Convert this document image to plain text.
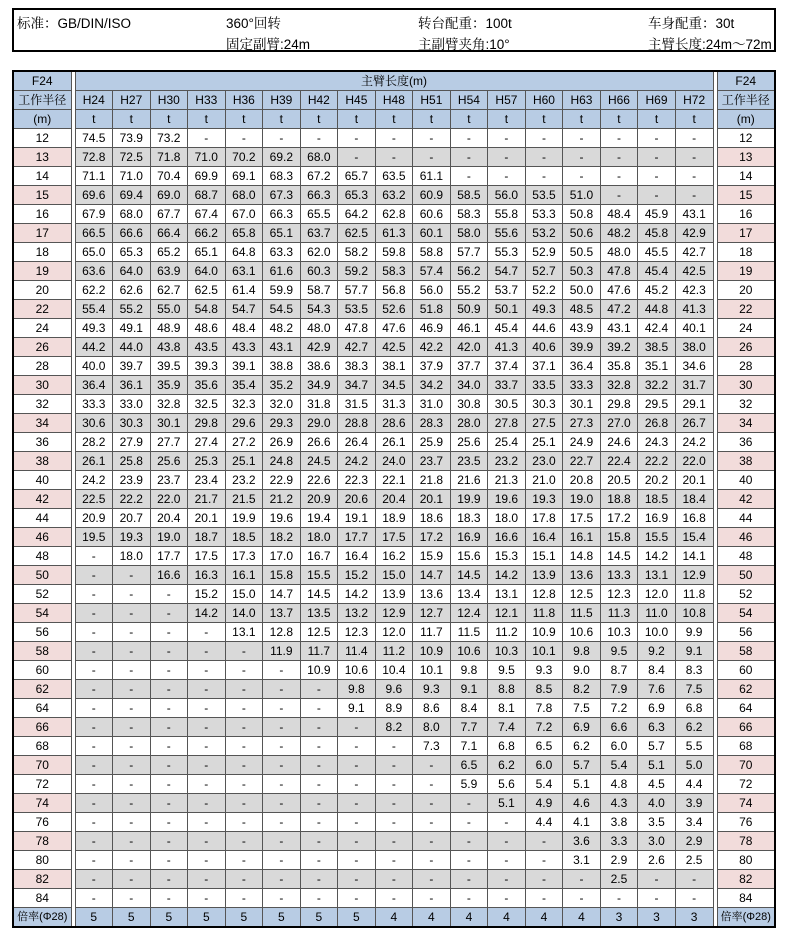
标准：GB/DIN/ISO	360°回转	转台配重：100t	车身配重：30t
固定副臂:24m	主副臂夹角:10°	主臂长度:24m～72m
F24		主臂长度(m)																		F24
工作半径		H24	H27	H30	H33	H36	H39	H42	H45	H48	H51	H54	H57	H60	H63	H66	H69	H72		工作半径
(m)		t	t	t	t	t	t	t	t	t	t	t	t	t	t	t	t	t		(m)
12		74.5	73.9	73.2	-	-	-	-	-	-	-	-	-	-	-	-	-	-		12
13		72.8	72.5	71.8	71.0	70.2	69.2	68.0	-	-	-	-	-	-	-	-	-	-		13
14		71.1	71.0	70.4	69.9	69.1	68.3	67.2	65.7	63.5	61.1	-	-	-	-	-	-	-		14
15		69.6	69.4	69.0	68.7	68.0	67.3	66.3	65.3	63.2	60.9	58.5	56.0	53.5	51.0	-	-	-		15
16		67.9	68.0	67.7	67.4	67.0	66.3	65.5	64.2	62.8	60.6	58.3	55.8	53.3	50.8	48.4	45.9	43.1		16
17		66.5	66.6	66.4	66.2	65.8	65.1	63.7	62.5	61.3	60.1	58.0	55.6	53.2	50.6	48.2	45.8	42.9		17
18		65.0	65.3	65.2	65.1	64.8	63.3	62.0	58.2	59.8	58.8	57.7	55.3	52.9	50.5	48.0	45.5	42.7		18
19		63.6	64.0	63.9	64.0	63.1	61.6	60.3	59.2	58.3	57.4	56.2	54.7	52.7	50.3	47.8	45.4	42.5		19
20		62.2	62.6	62.7	62.5	61.4	59.9	58.7	57.7	56.8	56.0	55.2	53.7	52.2	50.0	47.6	45.2	42.3		20
22		55.4	55.2	55.0	54.8	54.7	54.5	54.3	53.5	52.6	51.8	50.9	50.1	49.3	48.5	47.2	44.8	41.3		22
24		49.3	49.1	48.9	48.6	48.4	48.2	48.0	47.8	47.6	46.9	46.1	45.4	44.6	43.9	43.1	42.4	40.1		24
26		44.2	44.0	43.8	43.5	43.3	43.1	42.9	42.7	42.5	42.2	42.0	41.3	40.6	39.9	39.2	38.5	38.0		26
28		40.0	39.7	39.5	39.3	39.1	38.8	38.6	38.3	38.1	37.9	37.7	37.4	37.1	36.4	35.8	35.1	34.6		28
30		36.4	36.1	35.9	35.6	35.4	35.2	34.9	34.7	34.5	34.2	34.0	33.7	33.5	33.3	32.8	32.2	31.7		30
32		33.3	33.0	32.8	32.5	32.3	32.0	31.8	31.5	31.3	31.0	30.8	30.5	30.3	30.1	29.8	29.5	29.1		32
34		30.6	30.3	30.1	29.8	29.6	29.3	29.0	28.8	28.6	28.3	28.0	27.8	27.5	27.3	27.0	26.8	26.7		34
36		28.2	27.9	27.7	27.4	27.2	26.9	26.6	26.4	26.1	25.9	25.6	25.4	25.1	24.9	24.6	24.3	24.2		36
38		26.1	25.8	25.6	25.3	25.1	24.8	24.5	24.2	24.0	23.7	23.5	23.2	23.0	22.7	22.4	22.2	22.0		38
40		24.2	23.9	23.7	23.4	23.2	22.9	22.6	22.3	22.1	21.8	21.6	21.3	21.0	20.8	20.5	20.2	20.1		40
42		22.5	22.2	22.0	21.7	21.5	21.2	20.9	20.6	20.4	20.1	19.9	19.6	19.3	19.0	18.8	18.5	18.4		42
44		20.9	20.7	20.4	20.1	19.9	19.6	19.4	19.1	18.9	18.6	18.3	18.0	17.8	17.5	17.2	16.9	16.8		44
46		19.5	19.3	19.0	18.7	18.5	18.2	18.0	17.7	17.5	17.2	16.9	16.6	16.4	16.1	15.8	15.5	15.4		46
48		-	18.0	17.7	17.5	17.3	17.0	16.7	16.4	16.2	15.9	15.6	15.3	15.1	14.8	14.5	14.2	14.1		48
50		-	-	16.6	16.3	16.1	15.8	15.5	15.2	15.0	14.7	14.5	14.2	13.9	13.6	13.3	13.1	12.9		50
52		-	-	-	15.2	15.0	14.7	14.5	14.2	13.9	13.6	13.4	13.1	12.8	12.5	12.3	12.0	11.8		52
54		-	-	-	14.2	14.0	13.7	13.5	13.2	12.9	12.7	12.4	12.1	11.8	11.5	11.3	11.0	10.8		54
56		-	-	-	-	13.1	12.8	12.5	12.3	12.0	11.7	11.5	11.2	10.9	10.6	10.3	10.0	9.9		56
58		-	-	-	-	-	11.9	11.7	11.4	11.2	10.9	10.6	10.3	10.1	9.8	9.5	9.2	9.1		58
60		-	-	-	-	-	-	10.9	10.6	10.4	10.1	9.8	9.5	9.3	9.0	8.7	8.4	8.3		60
62		-	-	-	-	-	-	-	9.8	9.6	9.3	9.1	8.8	8.5	8.2	7.9	7.6	7.5		62
64		-	-	-	-	-	-	-	9.1	8.9	8.6	8.4	8.1	7.8	7.5	7.2	6.9	6.8		64
66		-	-	-	-	-	-	-	-	8.2	8.0	7.7	7.4	7.2	6.9	6.6	6.3	6.2		66
68		-	-	-	-	-	-	-	-	-	7.3	7.1	6.8	6.5	6.2	6.0	5.7	5.5		68
70		-	-	-	-	-	-	-	-	-	-	6.5	6.2	6.0	5.7	5.4	5.1	5.0		70
72		-	-	-	-	-	-	-	-	-	-	5.9	5.6	5.4	5.1	4.8	4.5	4.4		72
74		-	-	-	-	-	-	-	-	-	-	-	5.1	4.9	4.6	4.3	4.0	3.9		74
76		-	-	-	-	-	-	-	-	-	-	-	-	4.4	4.1	3.8	3.5	3.4		76
78		-	-	-	-	-	-	-	-	-	-	-	-	-	3.6	3.3	3.0	2.9		78
80		-	-	-	-	-	-	-	-	-	-	-	-	-	3.1	2.9	2.6	2.5		80
82		-	-	-	-	-	-	-	-	-	-	-	-	-	-	2.5	-	-		82
84		-	-	-	-	-	-	-	-	-	-	-	-	-	-	-	-	-		84
倍率(Φ28)		5	5	5	5	5	5	5	5	4	4	4	4	4	4	3	3	3		倍率(Φ28)
